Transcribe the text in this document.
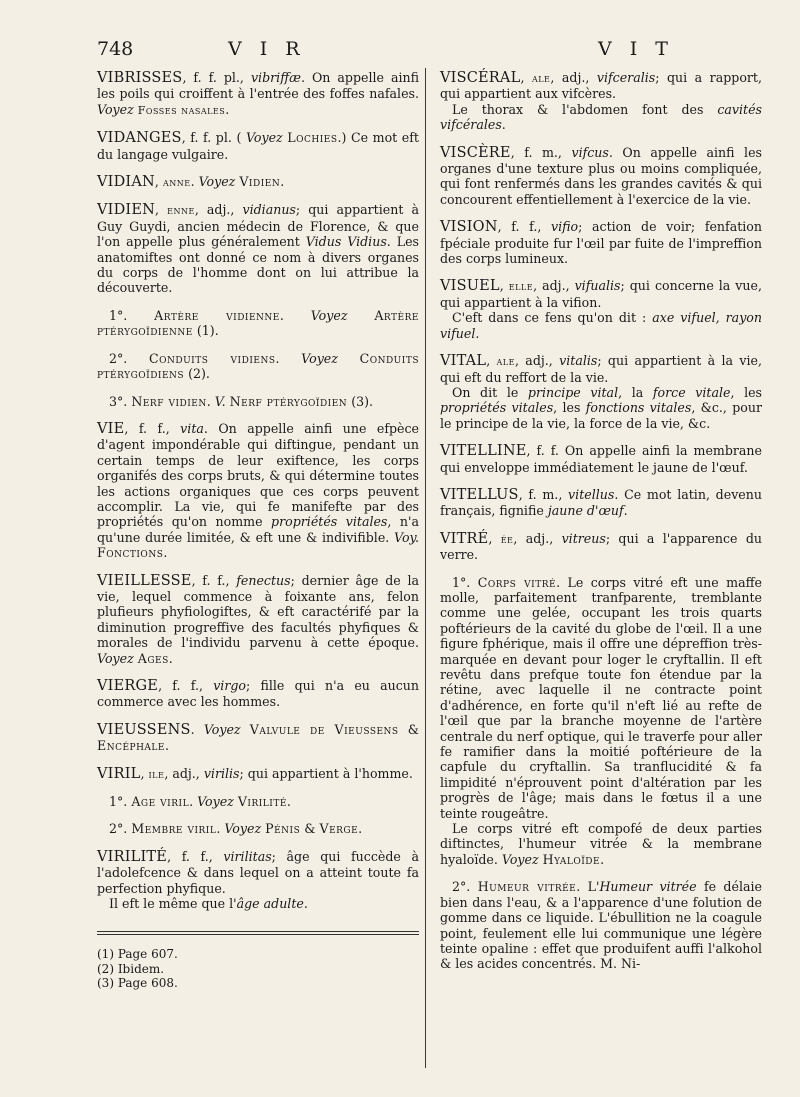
748	V I R	V I T

VIBRISSES, f. f. pl., vibriffæ. On appelle ainfi les poils qui croiffent à l'entrée des foffes nafales. Voyez Fosses nasales.

VIDANGES, f. f. pl. ( Voyez Lochies.) Ce mot eft du langage vulgaire.

VIDIAN, anne. Voyez Vidien.

VIDIEN, enne, adj., vidianus; qui appartient à Guy Guydi, ancien médecin de Florence, & que l'on appelle plus généralement Vidus Vidius. Les anatomiftes ont donné ce nom à divers organes du corps de l'homme dont on lui attribue la découverte.

1°. Artère vidienne. Voyez Artère ptérygoïdienne (1).

2°. Conduits vidiens. Voyez Conduits ptérygoïdiens (2).

3°. Nerf vidien. V. Nerf ptérygoïdien (3).

VIE, f. f., vita. On appelle ainfi une efpèce d'agent impondérable qui diftingue, pendant un certain temps de leur exiftence, les corps organifés des corps bruts, & qui détermine toutes les actions organiques que ces corps peuvent accomplir. La vie, qui fe manifefte par des propriétés qu'on nomme propriétés vitales, n'a qu'une durée limitée, & eft une & indivifible. Voy. Fonctions.

VIEILLESSE, f. f., fenectus; dernier âge de la vie, lequel commence à foixante ans, felon plufieurs phyfiologiftes, & eft caractérifé par la diminution progreffive des facultés phyfiques & morales de l'individu parvenu à cette époque. Voyez Ages.

VIERGE, f. f., virgo; fille qui n'a eu aucun commerce avec les hommes.

VIEUSSENS. Voyez Valvule de Vieussens & Encéphale.

VIRIL, ile, adj., virilis; qui appartient à l'homme.

1°. Age viril. Voyez Virilité.

2°. Membre viril. Voyez Pénis & Verge.

VIRILITÉ, f. f., virilitas; âge qui fuccède à l'adolefcence & dans lequel on a atteint toute fa perfection phyfique.

Il eft le même que l'âge adulte.

(1) Page 607.

(2) Ibidem.

(3) Page 608.

VISCÉRAL, ale, adj., vifceralis; qui a rapport, qui appartient aux vifcères.

Le thorax & l'abdomen font des cavités vifcérales.

VISCÈRE, f. m., vifcus. On appelle ainfi les organes d'une texture plus ou moins compliquée, qui font renfermés dans les grandes cavités & qui concourent effentiellement à l'exercice de la vie.

VISION, f. f., vifio; action de voir; fenfation fpéciale produite fur l'œil par fuite de l'impreffion des corps lumineux.

VISUEL, elle, adj., vifualis; qui concerne la vue, qui appartient à la vifion.

C'eft dans ce fens qu'on dit : axe vifuel, rayon vifuel.

VITAL, ale, adj., vitalis; qui appartient à la vie, qui eft du reffort de la vie.

On dit le principe vital, la force vitale, les propriétés vitales, les fonctions vitales, &c., pour le principe de la vie, la force de la vie, &c.

VITELLINE, f. f. On appelle ainfi la membrane qui enveloppe immédiatement le jaune de l'œuf.

VITELLUS, f. m., vitellus. Ce mot latin, devenu français, fignifie jaune d'œuf.

VITRÉ, ée, adj., vitreus; qui a l'apparence du verre.

1°. Corps vitré. Le corps vitré eft une maffe molle, parfaitement tranfparente, tremblante comme une gelée, occupant les trois quarts poftérieurs de la cavité du globe de l'œil. Il a une figure fphérique, mais il offre une dépreffion très-marquée en devant pour loger le cryftallin. Il eft revêtu dans prefque toute fon étendue par la rétine, avec laquelle il ne contracte point d'adhérence, en forte qu'il n'eft lié au refte de l'œil que par la branche moyenne de l'artère centrale du nerf optique, qui le traverfe pour aller fe ramifier dans la moitié poftérieure de la capfule du cryftallin. Sa tranflucidité & fa limpidité n'éprouvent point d'altération par les progrès de l'âge; mais dans le fœtus il a une teinte rougeâtre.

Le corps vitré eft compofé de deux parties diftinctes, l'humeur vitrée & la membrane hyaloïde. Voyez Hyaloïde.

2°. Humeur vitrée. L'Humeur vitrée fe délaie bien dans l'eau, & a l'apparence d'une folution de gomme dans ce liquide. L'ébullition ne la coagule point, feulement elle lui communique une légère teinte opaline : effet que produifent auffi l'alkohol & les acides concentrés. M. Ni-
